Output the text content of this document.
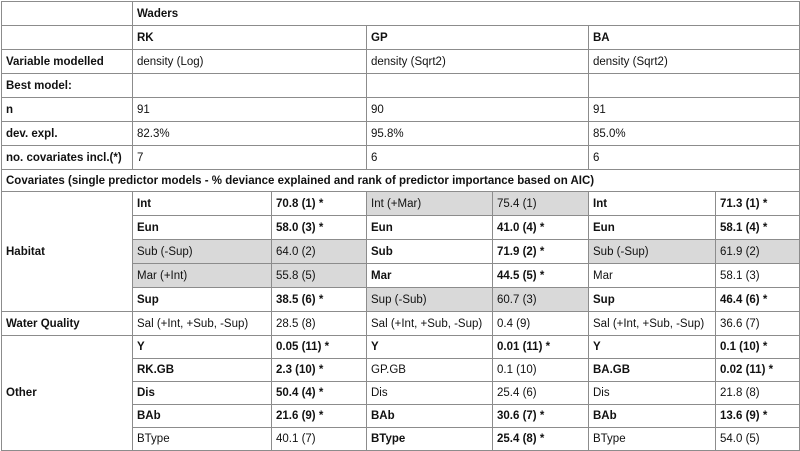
	Waders					
	RK		GP		BA	
Variable modelled	density (Log)		density (Sqrt2)		density (Sqrt2)	
Best model:						
n	91		90		91	
dev. expl.	82.3%		95.8%		85.0%	
no. covariates incl.(*)	7		6		6	
Covariates (single predictor models - % deviance explained and rank of predictor importance based on AIC)						
Habitat	Int	70.8 (1) *	Int (+Mar)	75.4 (1)	Int	71.3 (1) *
	Eun	58.0 (3) *	Eun	41.0 (4) *	Eun	58.1 (4) *
	Sub (-Sup)	64.0 (2)	Sub	71.9 (2) *	Sub (-Sup)	61.9 (2)
	Mar (+Int)	55.8 (5)	Mar	44.5 (5) *	Mar	58.1 (3)
	Sup	38.5 (6) *	Sup (-Sub)	60.7 (3)	Sup	46.4 (6) *
Water Quality	Sal (+Int, +Sub, -Sup)	28.5 (8)	Sal (+Int, +Sub, -Sup)	0.4 (9)	Sal (+Int, +Sub, -Sup)	36.6 (7)
Other	Y	0.05 (11) *	Y	0.01 (11) *	Y	0.1 (10) *
	RK.GB	2.3 (10) *	GP.GB	0.1 (10)	BA.GB	0.02 (11) *
	Dis	50.4 (4) *	Dis	25.4 (6)	Dis	21.8 (8)
	BAb	21.6 (9) *	BAb	30.6 (7) *	BAb	13.6 (9) *
	BType	40.1 (7)	BType	25.4 (8) *	BType	54.0 (5)
